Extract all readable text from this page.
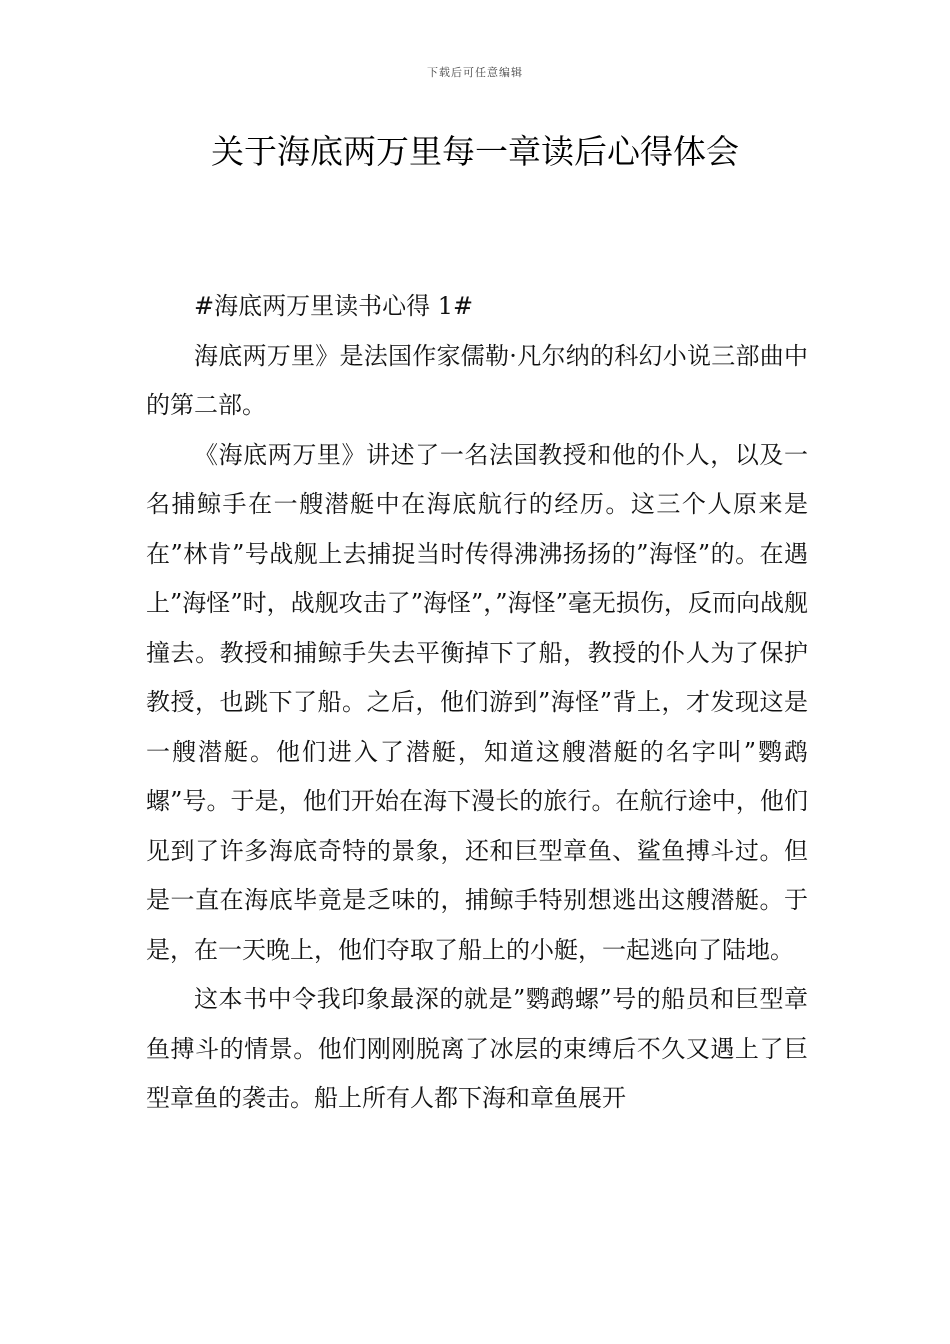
下载后可任意编辑
关于海底两万里每一章读后心得体会

#海底两万里读书心得 1#

海底两万里》是法国作家儒勒·凡尔纳的科幻小说三部曲中的第二部。

《海底两万里》讲述了一名法国教授和他的仆人，以及一名捕鲸手在一艘潜艇中在海底航行的经历。这三个人原来是在”林肯”号战舰上去捕捉当时传得沸沸扬扬的”海怪”的。在遇上”海怪”时，战舰攻击了”海怪”，”海怪”毫无损伤，反而向战舰撞去。教授和捕鲸手失去平衡掉下了船，教授的仆人为了保护教授，也跳下了船。之后，他们游到”海怪”背上，才发现这是一艘潜艇。他们进入了潜艇，知道这艘潜艇的名字叫”鹦鹉螺”号。于是，他们开始在海下漫长的旅行。在航行途中，他们见到了许多海底奇特的景象，还和巨型章鱼、鲨鱼搏斗过。但是一直在海底毕竟是乏味的，捕鲸手特别想逃出这艘潜艇。于是，在一天晚上，他们夺取了船上的小艇，一起逃向了陆地。

这本书中令我印象最深的就是”鹦鹉螺”号的船员和巨型章鱼搏斗的情景。他们刚刚脱离了冰层的束缚后不久又遇上了巨型章鱼的袭击。船上所有人都下海和章鱼展开
